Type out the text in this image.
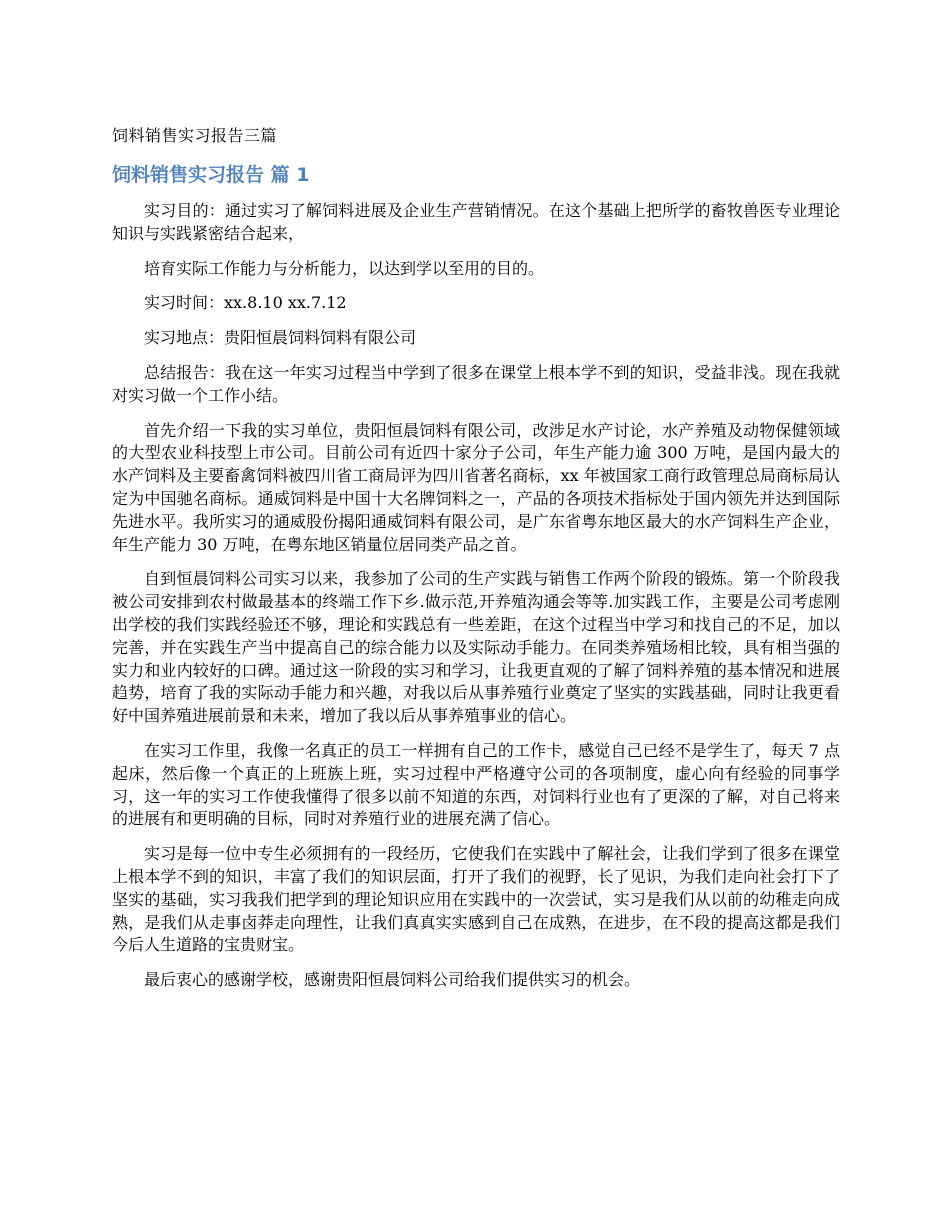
饲料销售实习报告三篇
饲料销售实习报告 篇 1

实习目的：通过实习了解饲料进展及企业生产营销情况。在这个基础上把所学的畜牧兽医专业理论知识与实践紧密结合起来，

培育实际工作能力与分析能力，以达到学以至用的目的。

实习时间：xx.8.10 xx.7.12

实习地点：贵阳恒晨饲料饲料有限公司

总结报告：我在这一年实习过程当中学到了很多在课堂上根本学不到的知识，受益非浅。现在我就对实习做一个工作小结。

首先介绍一下我的实习单位，贵阳恒晨饲料有限公司，改涉足水产讨论，水产养殖及动物保健领域的大型农业科技型上市公司。目前公司有近四十家分子公司，年生产能力逾 300 万吨，是国内最大的水产饲料及主要畜禽饲料被四川省工商局评为四川省著名商标，xx 年被国家工商行政管理总局商标局认定为中国驰名商标。通威饲料是中国十大名牌饲料之一，产品的各项技术指标处于国内领先并达到国际先进水平。我所实习的通威股份揭阳通威饲料有限公司，是广东省粤东地区最大的水产饲料生产企业，年生产能力 30 万吨，在粤东地区销量位居同类产品之首。

自到恒晨饲料公司实习以来，我参加了公司的生产实践与销售工作两个阶段的锻炼。第一个阶段我被公司安排到农村做最基本的终端工作下乡.做示范,开养殖沟通会等等.加实践工作，主要是公司考虑刚出学校的我们实践经验还不够，理论和实践总有一些差距，在这个过程当中学习和找自己的不足，加以完善，并在实践生产当中提高自己的综合能力以及实际动手能力。在同类养殖场相比较，具有相当强的实力和业内较好的口碑。通过这一阶段的实习和学习，让我更直观的了解了饲料养殖的基本情况和进展趋势，培育了我的实际动手能力和兴趣，对我以后从事养殖行业奠定了坚实的实践基础，同时让我更看好中国养殖进展前景和未来，增加了我以后从事养殖事业的信心。

在实习工作里，我像一名真正的员工一样拥有自己的工作卡，感觉自己已经不是学生了，每天 7 点起床，然后像一个真正的上班族上班，实习过程中严格遵守公司的各项制度，虚心向有经验的同事学习，这一年的实习工作使我懂得了很多以前不知道的东西，对饲料行业也有了更深的了解，对自己将来的进展有和更明确的目标，同时对养殖行业的进展充满了信心。

实习是每一位中专生必须拥有的一段经历，它使我们在实践中了解社会，让我们学到了很多在课堂上根本学不到的知识，丰富了我们的知识层面，打开了我们的视野，长了见识，为我们走向社会打下了坚实的基础，实习我我们把学到的理论知识应用在实践中的一次尝试，实习是我们从以前的幼稚走向成熟，是我们从走事卤莽走向理性，让我们真真实实感到自己在成熟，在进步，在不段的提高这都是我们今后人生道路的宝贵财宝。

最后衷心的感谢学校，感谢贵阳恒晨饲料公司给我们提供实习的机会。
